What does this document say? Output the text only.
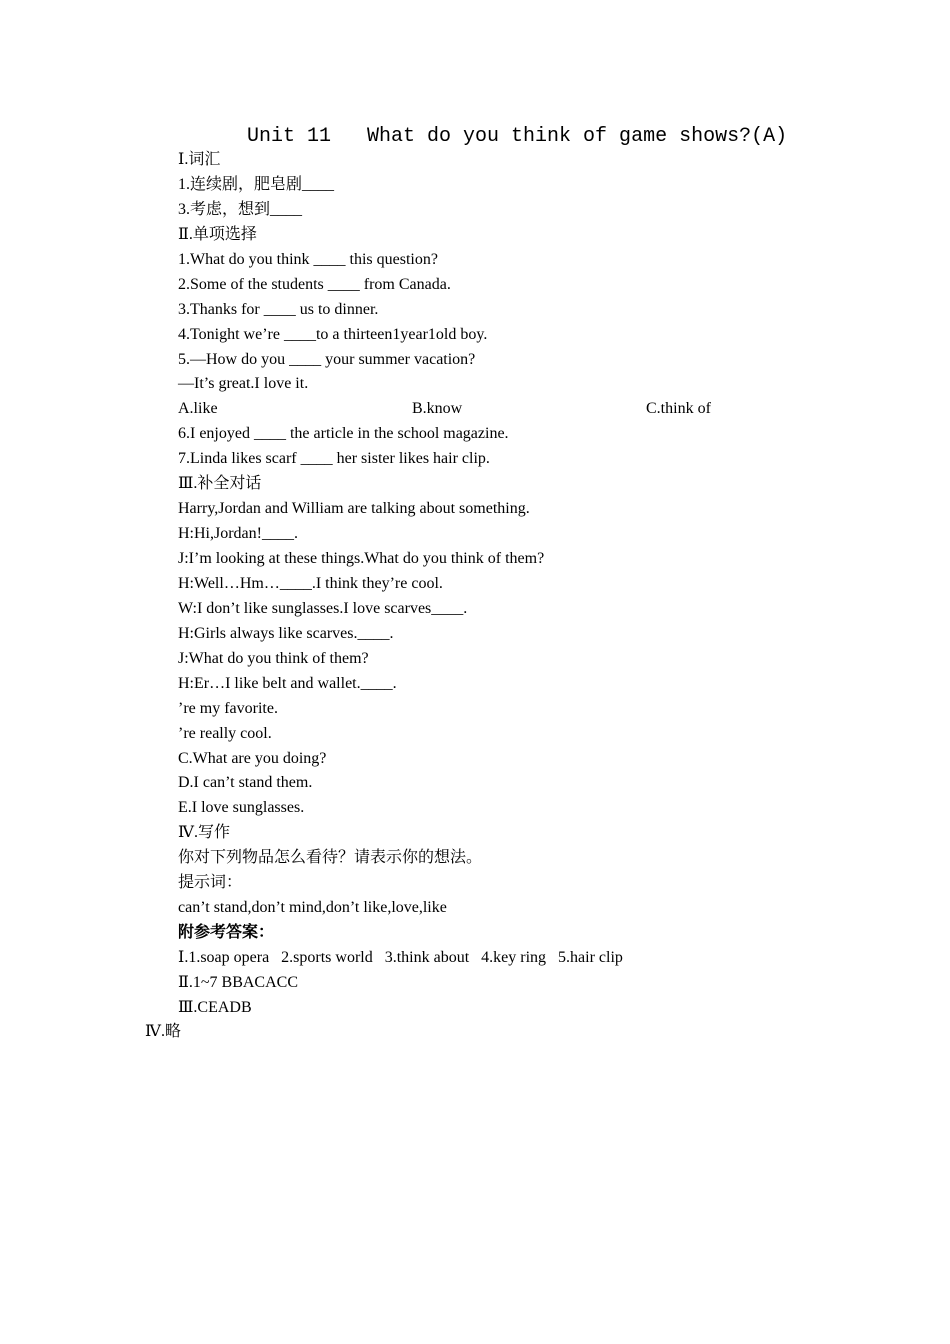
Unit 11   What do you think of game shows?(A)
Ⅰ.词汇
1.连续剧，肥皂剧____
3.考虑，想到____
Ⅱ.单项选择
1.What do you think ____ this question?
2.Some of the students ____ from Canada.
3.Thanks for ____ us to dinner.
4.Tonight we’re ____to a thirteen1year1old boy.
5.—How do you ____ your summer vacation?
—It’s great.I love it.
A.like	B.know	C.think of
6.I enjoyed ____ the article in the school magazine.
7.Linda likes scarf ____ her sister likes hair clip.
Ⅲ.补全对话
Harry,Jordan and William are talking about something.
H:Hi,Jordan!____.
J:I’m looking at these things.What do you think of them?
H:Well…Hm…____.I think they’re cool.
W:I don’t like sunglasses.I love scarves____.
H:Girls always like scarves.____.
J:What do you think of them?
H:Er…I like belt and wallet.____.
’re my favorite.
’re really cool.
C.What are you doing?
D.I can’t stand them.
E.I love sunglasses.
Ⅳ.写作
你对下列物品怎么看待？请表示你的想法。
提示词：
can’t stand,don’t mind,don’t like,love,like
附参考答案：
Ⅰ.1.soap opera   2.sports world   3.think about   4.key ring   5.hair clip
Ⅱ.1~7 BBACACC
Ⅲ.CEADB
Ⅳ.略
